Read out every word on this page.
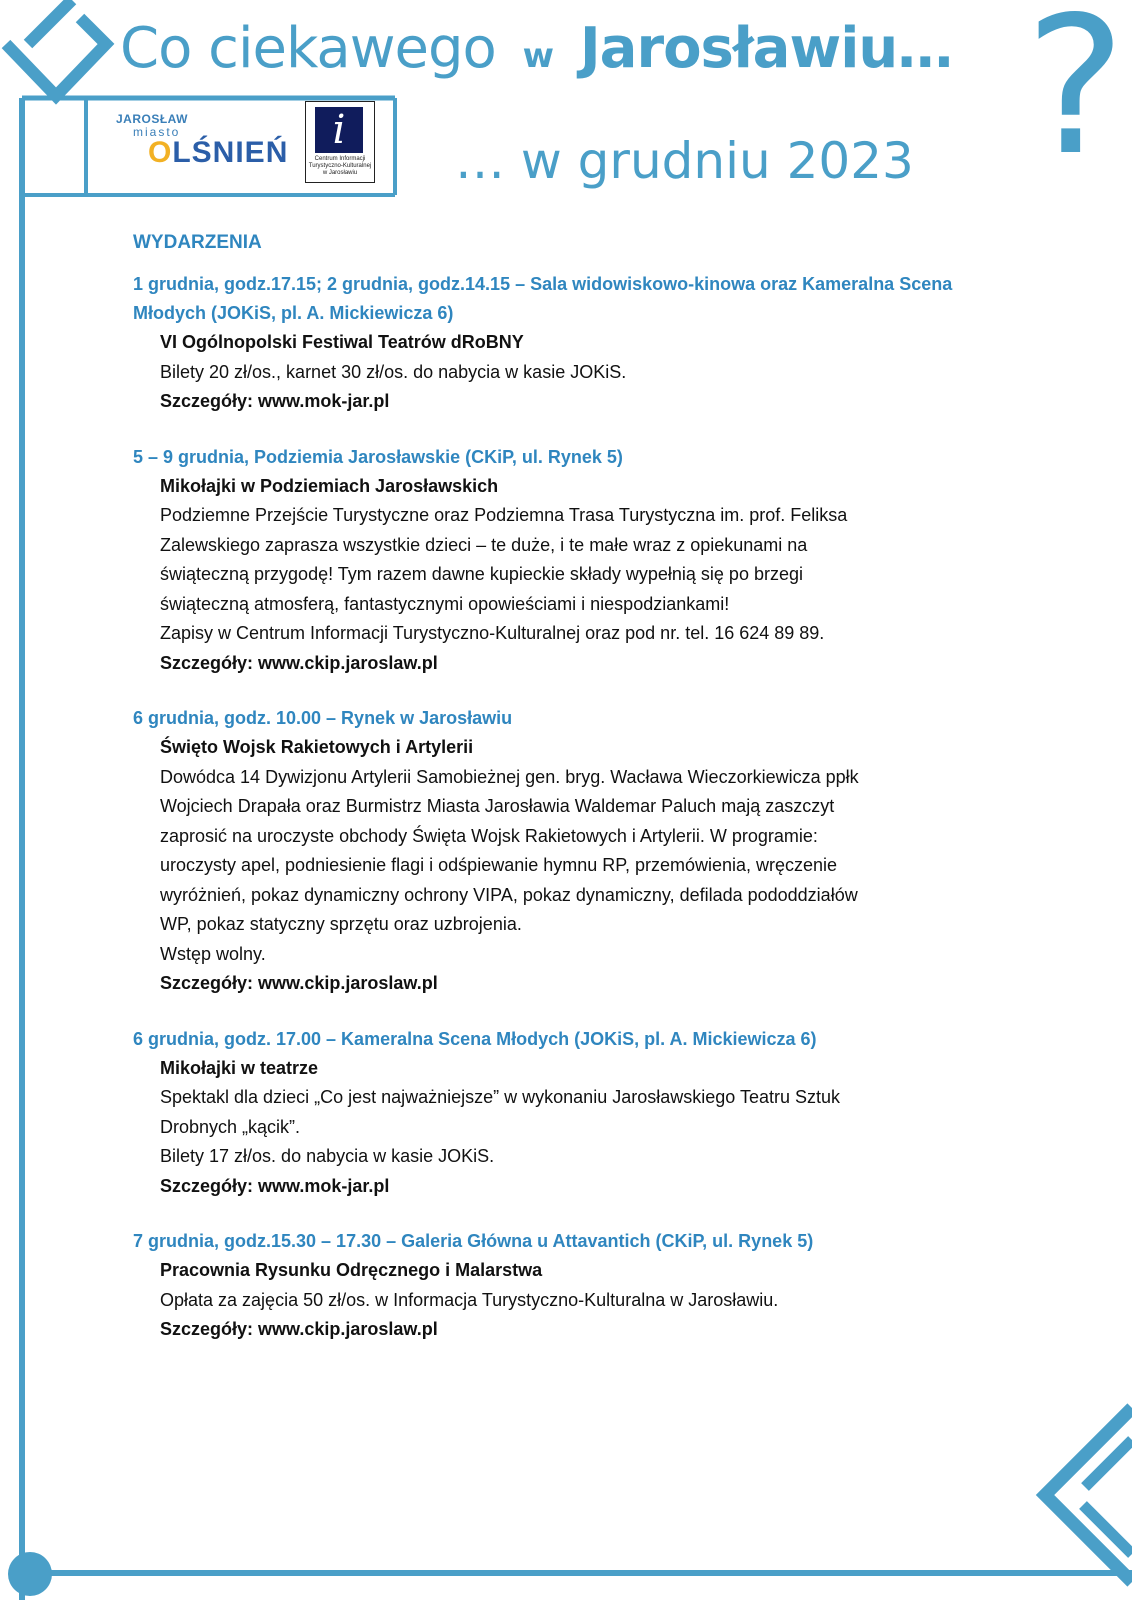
Co ciekawego w Jarosławiu… ?
… w grudniu 2023
JAROSŁAW
miasto
OLŚNIEŃ	i
Centrum Informacji Turystyczno-Kulturalnej w Jarosławiu
WYDARZENIA

1 grudnia, godz.17.15; 2 grudnia, godz.14.15 – Sala widowiskowo-kinowa oraz Kameralna Scena Młodych (JOKiS, pl. A. Mickiewicza 6)

VI Ogólnopolski Festiwal Teatrów dRoBNY

Bilety 20 zł/os., karnet 30 zł/os. do nabycia w kasie JOKiS.

Szczegóły: www.mok-jar.pl

5 – 9 grudnia, Podziemia Jarosławskie (CKiP, ul. Rynek 5)

Mikołajki w Podziemiach Jarosławskich

Podziemne Przejście Turystyczne oraz Podziemna Trasa Turystyczna im. prof. Feliksa

Zalewskiego zaprasza wszystkie dzieci – te duże, i te małe wraz z opiekunami na

świąteczną przygodę! Tym razem dawne kupieckie składy wypełnią się po brzegi

świąteczną atmosferą, fantastycznymi opowieściami i niespodziankami!

Zapisy w Centrum Informacji Turystyczno-Kulturalnej oraz pod nr. tel. 16 624 89 89.

Szczegóły: www.ckip.jaroslaw.pl

6 grudnia, godz. 10.00 – Rynek w Jarosławiu

Święto Wojsk Rakietowych i Artylerii

Dowódca 14 Dywizjonu Artylerii Samobieżnej gen. bryg. Wacława Wieczorkiewicza ppłk

Wojciech Drapała oraz Burmistrz Miasta Jarosławia Waldemar Paluch mają zaszczyt

zaprosić na uroczyste obchody Święta Wojsk Rakietowych i Artylerii. W programie:

uroczysty apel, podniesienie flagi i odśpiewanie hymnu RP, przemówienia, wręczenie

wyróżnień, pokaz dynamiczny ochrony VIPA, pokaz dynamiczny, defilada pododdziałów

WP, pokaz statyczny sprzętu oraz uzbrojenia.

Wstęp wolny.

Szczegóły: www.ckip.jaroslaw.pl

6 grudnia, godz. 17.00 – Kameralna Scena Młodych (JOKiS, pl. A. Mickiewicza 6)

Mikołajki w teatrze

Spektakl dla dzieci „Co jest najważniejsze” w wykonaniu Jarosławskiego Teatru Sztuk

Drobnych „kącik”.

Bilety 17 zł/os. do nabycia w kasie JOKiS.

Szczegóły: www.mok-jar.pl

7 grudnia, godz.15.30 – 17.30 – Galeria Główna u Attavantich (CKiP, ul. Rynek 5)

Pracownia Rysunku Odręcznego i Malarstwa

Opłata za zajęcia 50 zł/os. w Informacja Turystyczno-Kulturalna w Jarosławiu.

Szczegóły: www.ckip.jaroslaw.pl
